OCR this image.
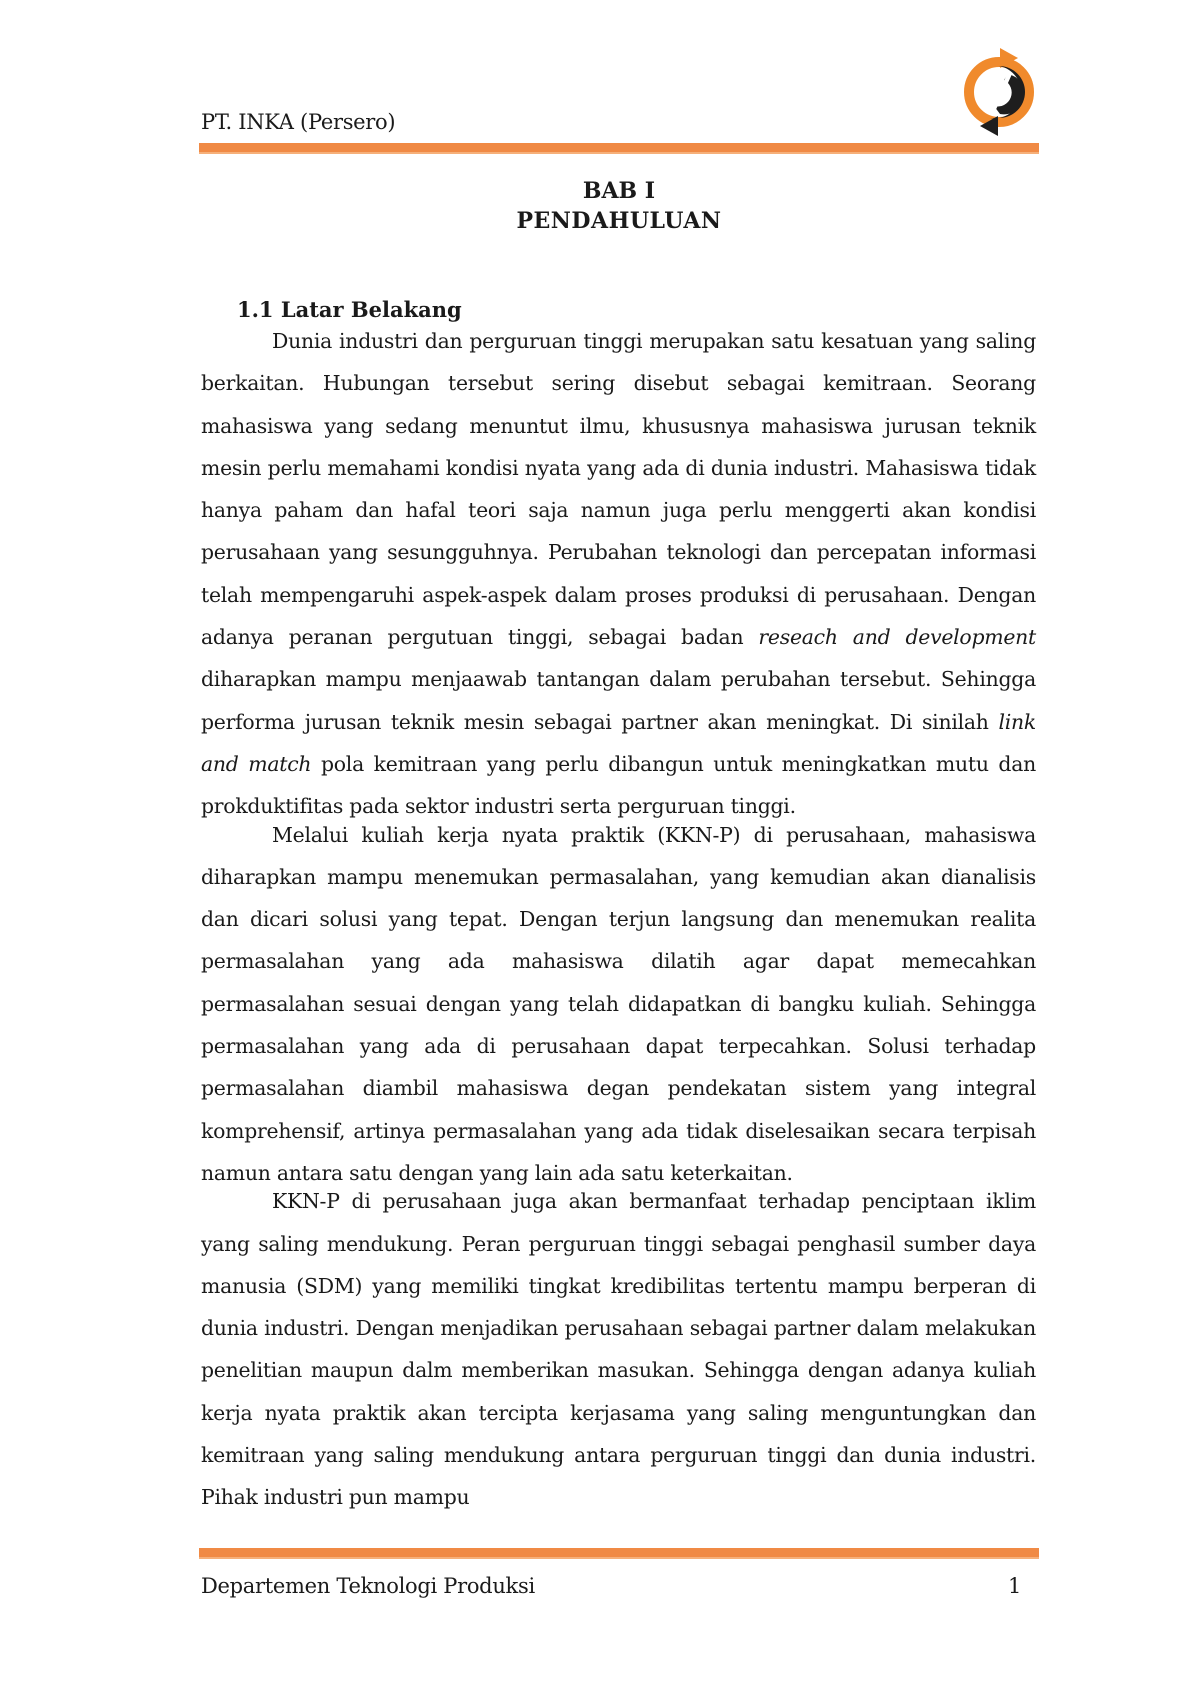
PT. INKA (Persero)
BAB I
PENDAHULUAN
1.1 Latar Belakang

Dunia industri dan perguruan tinggi merupakan satu kesatuan yang saling berkaitan. Hubungan tersebut sering disebut sebagai kemitraan. Seorang mahasiswa yang sedang menuntut ilmu, khususnya mahasiswa jurusan teknik mesin perlu memahami kondisi nyata yang ada di dunia industri. Mahasiswa tidak hanya paham dan hafal teori saja namun juga perlu menggerti akan kondisi perusahaan yang sesungguhnya. Perubahan teknologi dan percepatan informasi telah mempengaruhi aspek-aspek dalam proses produksi di perusahaan. Dengan adanya peranan pergutuan tinggi, sebagai badan reseach and development diharapkan mampu menjaawab tantangan dalam perubahan tersebut. Sehingga performa jurusan teknik mesin sebagai partner akan meningkat. Di sinilah link and match pola kemitraan yang perlu dibangun untuk meningkatkan mutu dan prokduktifitas pada sektor industri serta perguruan tinggi.

Melalui kuliah kerja nyata praktik (KKN-P) di perusahaan, mahasiswa diharapkan mampu menemukan permasalahan, yang kemudian akan dianalisis dan dicari solusi yang tepat. Dengan terjun langsung dan menemukan realita permasalahan yang ada mahasiswa dilatih agar dapat memecahkan permasalahan sesuai dengan yang telah didapatkan di bangku kuliah. Sehingga permasalahan yang ada di perusahaan dapat terpecahkan. Solusi terhadap permasalahan diambil mahasiswa degan pendekatan sistem yang integral komprehensif, artinya permasalahan yang ada tidak diselesaikan secara terpisah namun antara satu dengan yang lain ada satu keterkaitan.

KKN-P di perusahaan juga akan bermanfaat terhadap penciptaan iklim yang saling mendukung. Peran perguruan tinggi sebagai penghasil sumber daya manusia (SDM) yang memiliki tingkat kredibilitas tertentu mampu berperan di dunia industri. Dengan menjadikan perusahaan sebagai partner dalam melakukan penelitian maupun dalm memberikan masukan. Sehingga dengan adanya kuliah kerja nyata praktik akan tercipta kerjasama yang saling menguntungkan dan kemitraan yang saling mendukung antara perguruan tinggi dan dunia industri. Pihak industri pun mampu

Departemen Teknologi Produksi	1
